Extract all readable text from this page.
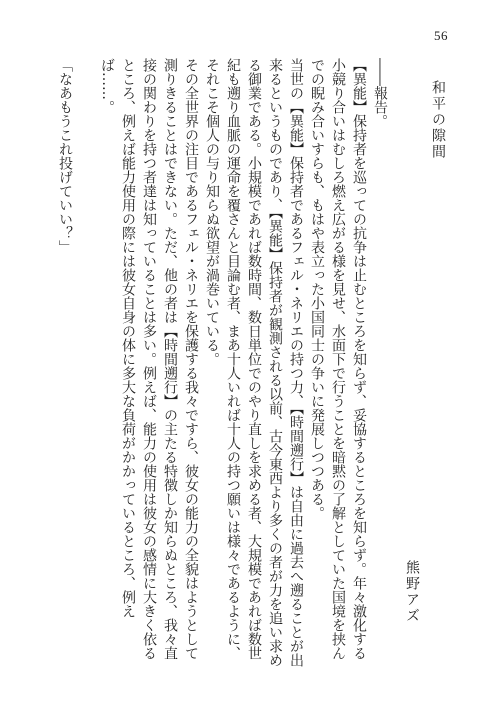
56
和平の隙間
熊野アズ

――報告。

【異能】保持者を巡っての抗争は止むところを知らず、妥協するところを知らず。年々激化する小競り合いはむしろ燃え広がる様を見せ、水面下で行うことを暗黙の了解としていた国境を挟んでの睨み合いすらも、もはや表立った小国同士の争いに発展しつつある。

当世の【異能】保持者であるフェル・ネリエの持つ力、【時間遡行】は自由に過去へ遡ることが出来るというものであり、【異能】保持者が観測される以前、古今東西より多くの者が力を追い求める御業である。小規模であれば数時間、数日単位でのやり直しを求める者、大規模であれば数世紀も遡り血脈の運命を覆さんと目論む者、まあ十人いれば十人の持つ願いは様々であるように、それこそ個人の与り知らぬ欲望が渦巻いている。

その全世界の注目であるフェル・ネリエを保護する我々ですら、彼女の能力の全貌はようとして測りきることはできない。ただ、他の者は【時間遡行】の主たる特徴しか知らぬところ、我々直接の関わりを持つ者達は知っていることは多い。例えば、能力の使用は彼女の感情に大きく依るところ、例えば能力使用の際には彼女自身の体に多大な負荷がかかっているところ、例えば……。

「なあもうこれ投げていい？」
